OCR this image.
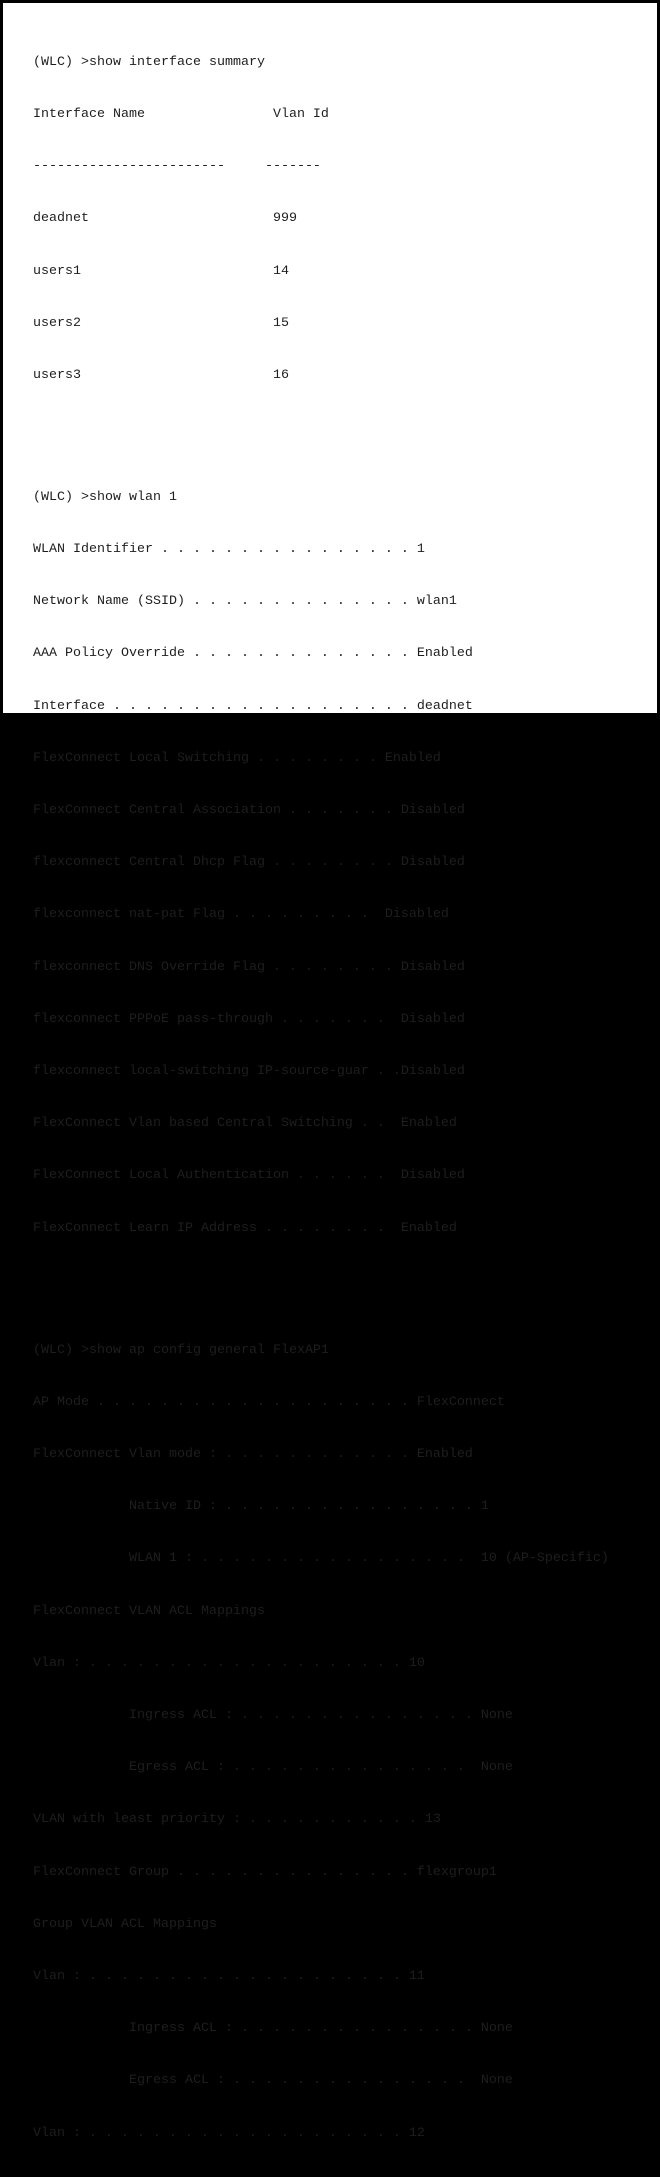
(WLC) >show interface summary

Interface Name                Vlan Id

------------------------     -------

deadnet                       999

users1                        14

users2                        15

users3                        16

(WLC) >show wlan 1

WLAN Identifier . . . . . . . . . . . . . . . . 1

Network Name (SSID) . . . . . . . . . . . . . . wlan1

AAA Policy Override . . . . . . . . . . . . . . Enabled

Interface . . . . . . . . . . . . . . . . . . . deadnet

FlexConnect Local Switching . . . . . . . . Enabled

FlexConnect Central Association . . . . . . . Disabled

flexconnect Central Dhcp Flag . . . . . . . . Disabled

flexconnect nat-pat Flag . . . . . . . . .  Disabled

flexconnect DNS Override Flag . . . . . . . . Disabled

flexconnect PPPoE pass-through . . . . . . .  Disabled

flexconnect local-switching IP-source-guar . .Disabled

FlexConnect Vlan based Central Switching . .  Enabled

FlexConnect Local Authentication . . . . . .  Disabled

FlexConnect Learn IP Address . . . . . . . .  Enabled

(WLC) >show ap config general FlexAP1

AP Mode . . . . . . . . . . . . . . . . . . . . FlexConnect

FlexConnect Vlan mode : . . . . . . . . . . . . Enabled

Native ID : . . . . . . . . . . . . . . . . 1

WLAN 1 : . . . . . . . . . . . . . . . . .  10 (AP-Specific)

FlexConnect VLAN ACL Mappings

Vlan : . . . . . . . . . . . . . . . . . . . . 10

Ingress ACL : . . . . . . . . . . . . . . . None

Egress ACL : . . . . . . . . . . . . . . .  None

VLAN with least priority : . . . . . . . . . . . 13

FlexConnect Group . . . . . . . . . . . . . . . flexgroup1

Group VLAN ACL Mappings

Vlan : . . . . . . . . . . . . . . . . . . . . 11

Ingress ACL : . . . . . . . . . . . . . . . None

Egress ACL : . . . . . . . . . . . . . . .  None

Vlan : . . . . . . . . . . . . . . . . . . . . 12
